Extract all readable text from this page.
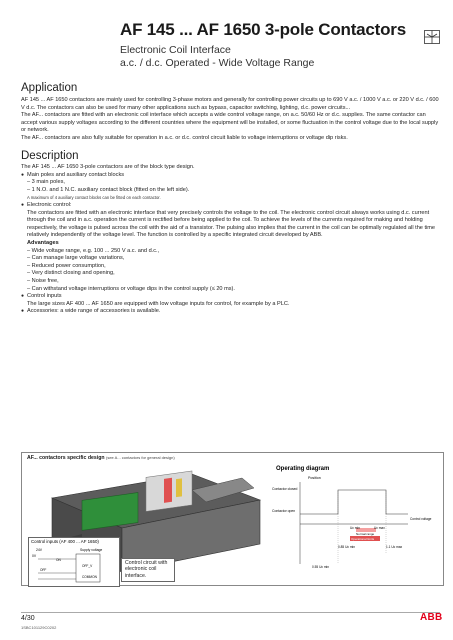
AF 145 ... AF 1650 3-pole Contactors
Electronic Coil Interface
a.c. / d.c. Operated - Wide Voltage Range
Application
AF 145 ... AF 1650 contactors are mainly used for controlling 3-phase motors and generally for controlling power circuits up to 690 V a.c. / 1000 V a.c. or 220 V d.c. / 600 V d.c. The contactors can also be used for many other applications such as bypass, capacitor switching, lighting, d.c. power circuits...
The AF... contactors are fitted with an electronic coil interface which accepts a wide control voltage range, on a.c. 50/60 Hz or d.c. supplies. The same contactor can accept various supply voltages according to the different countries where the equipment will be installed, or some fluctuation in the control voltage due to the local supply or network.
The AF... contactors are also fully suitable for operation in a.c. or d.c. control circuit liable to voltage interruptions or voltage dip risks.
Description
The AF 145 ... AF 1650 3-pole contactors are of the block type design.
● Main poles and auxiliary contact blocks
– 3 main poles,
– 1 N.O. and 1 N.C. auxiliary contact block (fitted on the left side).
A maximum of 4 auxiliary contact blocks can be fitted on each contactor.
● Electronic control:
The contactors are fitted with an electronic interface that very precisely controls the voltage to the coil. The electronic control circuit always works using d.c. current through the coil and in a.c. operation the current is rectified before being applied to the coil. To achieve the levels of the currents required for making and holding respectively, the voltage is pulsed across the coil with the aid of a transistor. The pulsing also implies that the current in the coil can be optimally regulated all the time relatively independently of the voltage level. The function is controlled by a specific integrated circuit developed by ABB.
Advantages
– Wide voltage range, e.g. 100 ... 250 V a.c. and d.c.,
– Can manage large voltage variations,
– Reduced power consumption,
– Very distinct closing and opening,
– Noise free,
– Can withstand voltage interruptions or voltage dips in the control supply (≤ 20 ms).
● Control inputs
The large sizes AF 400 ... AF 1650 are equipped with low voltage inputs for control, for example by a PLC.
● Accessories: a wide range of accessories is available.
AF... contactors specific design (see A... contactors for general design)
Operating diagram
Position
Contactor closed
Contactor open
Uc min	Uc max
Normal range
Operational limits
0.85 Uc min	1.1 Uc max
0.55 Uc min
Control voltage
Control inputs (AF 400 ... AF 1650)
24V
0V
Supply voltage
ON
OFF
OFF_V
COMMON
Control circuit with electronic coil interface.
4/30
1SBC101129C0202
ABB
